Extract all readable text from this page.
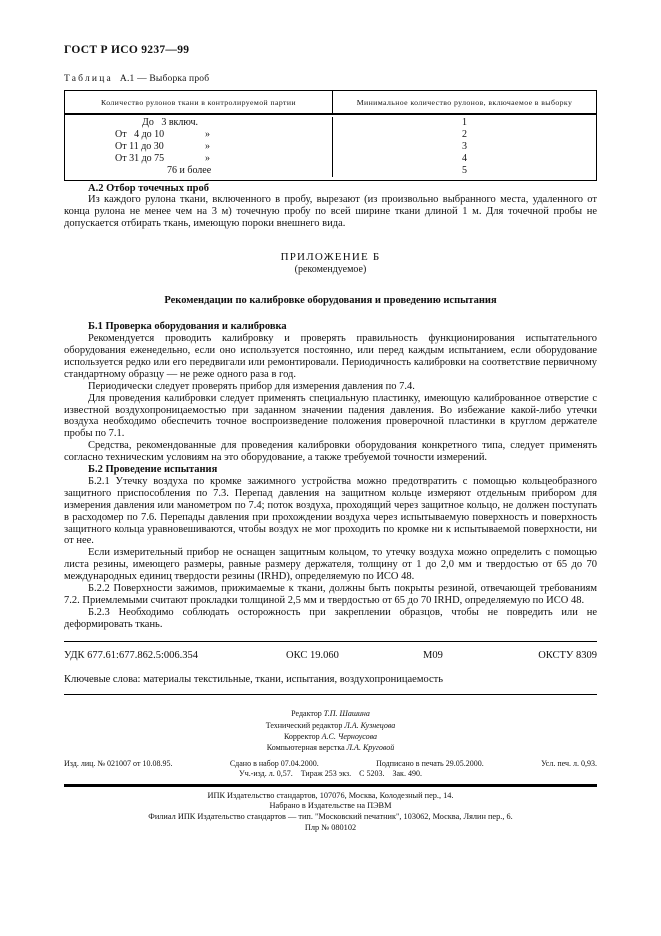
ГОСТ Р ИСО 9237—99
Таблица А.1 — Выборка проб
Количество рулонов ткани в контролируемой партии	Минимальное количество рулонов, включаемое в выборку
До   3 включ.	1
От   4 до 10	»	2
От 11 до 30	»	3
От 31 до 75	»	4
76 и более	5
А.2 Отбор точечных проб

Из каждого рулона ткани, включенного в пробу, вырезают (из произвольно выбранного места, удаленного от конца рулона не менее чем на 3 м) точечную пробу по всей ширине ткани длиной 1 м. Для точечной пробы не допускается отбирать ткань, имеющую пороки внешнего вида.

ПРИЛОЖЕНИЕ Б
(рекомендуемое)
Рекомендации по калибровке оборудования и проведению испытания
Б.1 Проверка оборудования и калибровка

Рекомендуется проводить калибровку и проверять правильность функционирования испытательного оборудования еженедельно, если оно используется постоянно, или перед каждым испытанием, если оборудование используется редко или его передвигали или ремонтировали. Периодичность калибровки на соответствие первичному стандартному образцу — не реже одного раза в год.

Периодически следует проверять прибор для измерения давления по 7.4.

Для проведения калибровки следует применять специальную пластинку, имеющую калиброванное отверстие с известной воздухопроницаемостью при заданном значении падения давления. Во избежание какой-либо утечки воздуха необходимо обеспечить точное воспроизведение положения проверочной пластинки в круглом держателе пробы по 7.1.

Средства, рекомендованные для проведения калибровки оборудования конкретного типа, следует применять согласно техническим условиям на это оборудование, а также требуемой точности измерений.

Б.2 Проведение испытания

Б.2.1 Утечку воздуха по кромке зажимного устройства можно предотвратить с помощью кольцеобразного защитного приспособления по 7.3. Перепад давления на защитном кольце измеряют отдельным прибором для измерения давления или манометром по 7.4; поток воздуха, проходящий через защитное кольцо, не должен поступать в расходомер по 7.6. Перепады давления при прохождении воздуха через испытываемую поверхность и поверхность защитного кольца уравновешиваются, чтобы воздух не мог проходить по кромке ни к испытываемой поверхности, ни от нее.

Если измерительный прибор не оснащен защитным кольцом, то утечку воздуха можно определить с помощью листа резины, имеющего размеры, равные размеру держателя, толщину от 1 до 2,0 мм и твердостью от 65 до 70 международных единиц твердости резины (IRHD), определяемую по ИСО 48.

Б.2.2 Поверхности зажимов, прижимаемые к ткани, должны быть покрыты резиной, отвечающей требованиям 7.2. Приемлемыми считают прокладки толщиной 2,5 мм и твердостью от 65 до 70 IRHD, определяемую по ИСО 48.

Б.2.3 Необходимо соблюдать осторожность при закреплении образцов, чтобы не повредить или не деформировать ткань.

УДК 677.61:677.862.5:006.354	ОКС 19.060	М09	ОКСТУ 8309
Ключевые слова: материалы текстильные, ткани, испытания, воздухопроницаемость
Редактор Т.П. Шашина
Технический редактор Л.А. Кузнецова
Корректор А.С. Черноусова
Компьютерная верстка Л.А. Круговой
Изд. лиц. № 021007 от 10.08.95.	Сдано в набор 07.04.2000.	Подписано в печать 29.05.2000.	Усл. печ. л. 0,93.
Уч.-изд. л. 0,57.    Тираж 253 экз.    С 5203.    Зак. 490.
ИПК Издательство стандартов, 107076, Москва, Колодезный пер., 14.
Набрано в Издательстве на ПЭВМ
Филиал ИПК Издательство стандартов — тип. "Московский печатник", 103062, Москва, Лялин пер., 6.
Плр № 080102
